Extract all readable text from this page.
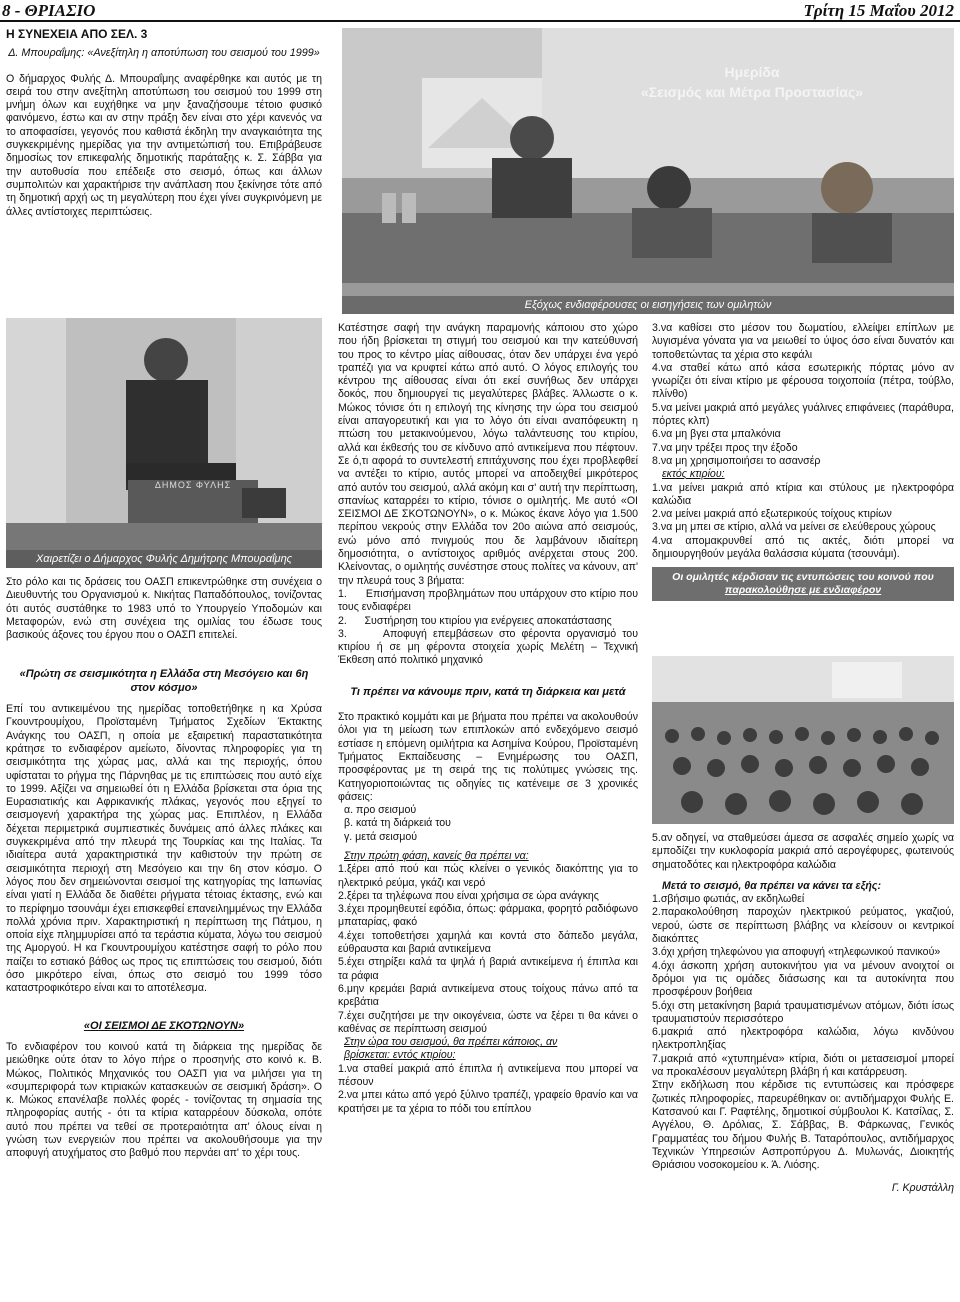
8 - ΘΡΙΑΣΙΟ	Τρίτη 15 Μαΐου 2012
Η ΣΥΝΕΧΕΙΑ ΑΠΟ ΣΕΛ. 3
Δ. Μπουραΐμης: «Ανεξίτηλη η αποτύπωση του σεισμού του 1999»

Ο δήμαρχος Φυλής Δ. Μπουραΐμης αναφέρθηκε και αυτός με τη σειρά του στην ανεξίτηλη αποτύπωση του σεισμού του 1999 στη μνήμη όλων και ευχήθηκε να μην ξαναζήσουμε τέτοιο φυσικό φαινόμενο, έστω και αν στην πράξη δεν είναι στο χέρι κανενός να το αποφασίσει, γεγονός που καθιστά έκδηλη την αναγκαιότητα της συγκεκριμένης ημερίδας για την αντιμετώπισή του. Επιβράβευσε δημοσίως τον επικεφαλής δημοτικής παράταξης κ. Σ. Σάββα για την αυτοθυσία που επέδειξε στο σεισμό, όπως και άλλων συμπολιτών και χαρακτήρισε την ανάπλαση που ξεκίνησε τότε από τη δημοτική αρχή ως τη μεγαλύτερη που έχει γίνει συγκρινόμενη με άλλες αντίστοιχες περιπτώσεις.

Ημερίδα
«Σεισμός και Μέτρα Προστασίας»
Εξόχως ενδιαφέρουσες οι εισηγήσεις των ομιλητών
ΔΗΜΟΣ ΦΥΛΗΣ
Χαιρετίζει ο Δήμαρχος Φυλής Δημήτρης Μπουραΐμης

Στο ρόλο και τις δράσεις του ΟΑΣΠ επικεντρώθηκε στη συνέχεια ο Διευθυντής του Οργανισμού κ. Νικήτας Παπαδόπουλος, τονίζοντας ότι αυτός συστάθηκε το 1983 υπό το Υπουργείο Υποδομών και Μεταφορών, ενώ στη συνέχεια της ομιλίας του έδωσε τους βασικούς άξονες του έργου που ο ΟΑΣΠ επιτελεί.

«Πρώτη σε σεισμικότητα η Ελλάδα στη Μεσόγειο και 6η στον κόσμο»

Επί του αντικειμένου της ημερίδας τοποθετήθηκε η κα Χρύσα Γκουντρουμίχου, Προϊσταμένη Τμήματος Σχεδίων Έκτακτης Ανάγκης του ΟΑΣΠ, η οποία με εξαιρετική παραστατικότητα κράτησε το ενδιαφέρον αμείωτο, δίνοντας πληροφορίες για τη σεισμικότητα της χώρας μας, αλλά και της περιοχής, όπου υφίσταται το ρήγμα της Πάρνηθας με τις επιπτώσεις που αυτό είχε το 1999. Αξίζει να σημειωθεί ότι η Ελλάδα βρίσκεται στα όρια της Ευρασιατικής και Αφρικανικής πλάκας, γεγονός που εξηγεί το σεισμογενή χαρακτήρα της χώρας μας. Επιπλέον, η Ελλάδα δέχεται περιμετρικά συμπιεστικές δυνάμεις από άλλες πλάκες και συγκεκριμένα από την πλευρά της Τουρκίας και της Ιταλίας. Τα ιδιαίτερα αυτά χαρακτηριστικά την καθιστούν την πρώτη σε σεισμικότητα περιοχή στη Μεσόγειο και την 6η στον κόσμο. Ο λόγος που δεν σημειώνονται σεισμοί της κατηγορίας της Ιαπωνίας είναι γιατί η Ελλάδα δε διαθέτει ρήγματα τέτοιας έκτασης, ενώ και το περίφημο τσουνάμι έχει επισκεφθεί επανειλημμένως την Ελλάδα πολλά χρόνια πριν. Χαρακτηριστική η περίπτωση της Πάτμου, η οποία είχε πλημμυρίσει από τα τεράστια κύματα, λόγω του σεισμού της Αμοργού. Η κα Γκουντρουμίχου κατέστησε σαφή το ρόλο που παίζει το εστιακό βάθος ως προς τις επιπτώσεις του σεισμού, διότι όσο μικρότερο είναι, όπως στο σεισμό του 1999 τόσο καταστροφικότερο είναι και το αποτέλεσμα.

«ΟΙ ΣΕΙΣΜΟΙ ΔΕ ΣΚΟΤΩΝΟΥΝ»

Το ενδιαφέρον του κοινού κατά τη διάρκεια της ημερίδας δε μειώθηκε ούτε όταν το λόγο πήρε ο προσηνής στο κοινό κ. Β. Μώκος, Πολιτικός Μηχανικός του ΟΑΣΠ για να μιλήσει για τη «συμπεριφορά των κτιριακών κατασκευών σε σεισμική δράση». Ο κ. Μώκος επανέλαβε πολλές φορές - τονίζοντας τη σημασία της πληροφορίας αυτής - ότι τα κτίρια καταρρέουν δύσκολα, οπότε αυτό που πρέπει να τεθεί σε προτεραιότητα απ' όλους είναι η γνώση των ενεργειών που πρέπει να ακολουθήσουμε για την αποφυγή ατυχήματος στο βαθμό που περνάει απ' το χέρι τους.

Κατέστησε σαφή την ανάγκη παραμονής κάποιου στο χώρο που ήδη βρίσκεται τη στιγμή του σεισμού και την κατεύθυνσή του προς το κέντρο μίας αίθουσας, όταν δεν υπάρχει ένα γερό τραπέζι για να κρυφτεί κάτω από αυτό. Ο λόγος επιλογής του κέντρου της αίθουσας είναι ότι εκεί συνήθως δεν υπάρχει δοκός, που δημιουργεί τις μεγαλύτερες βλάβες. Άλλωστε ο κ. Μώκος τόνισε ότι η επιλογή της κίνησης την ώρα του σεισμού είναι απαγορευτική και για το λόγο ότι είναι αναπόφευκτη η πτώση του μετακινούμενου, λόγω ταλάντευσης του κτιρίου, αλλά και έκθεσής του σε κίνδυνο από αντικείμενα που πέφτουν. Σε ό,τι αφορά το συντελεστή επιτάχυνσης που έχει προβλεφθεί να αντέξει το κτίριο, αυτός μπορεί να αποδειχθεί μικρότερος από αυτόν του σεισμού, αλλά ακόμη και σ' αυτή την περίπτωση, σπανίως καταρρέει το κτίριο, τόνισε ο ομιλητής. Με αυτό «ΟΙ ΣΕΙΣΜΟΙ ΔΕ ΣΚΟΤΩΝΟΥΝ», ο κ. Μώκος έκανε λόγο για 1.500 περίπου νεκρούς στην Ελλάδα τον 20ο αιώνα από σεισμούς, ενώ μόνο από πνιγμούς που δε λαμβάνουν ιδιαίτερη δημοσιότητα, ο αντίστοιχος αριθμός ανέρχεται στους 200. Κλείνοντας, ο ομιλητής συνέστησε στους πολίτες να κάνουν, απ' την πλευρά τους 3 βήματα:

1.      Επισήμανση προβλημάτων που υπάρχουν στο κτίριο που τους ενδιαφέρει

2.      Συστήρηση του κτιρίου για ενέργειες αποκατάστασης

3.      Αποφυγή επεμβάσεων στο φέροντα οργανισμό του κτιρίου ή σε μη φέροντα στοιχεία χωρίς Μελέτη – Τεχνική Έκθεση από πολιτικό μηχανικό

Τι πρέπει να κάνουμε πριν, κατά τη διάρκεια και μετά

Στο πρακτικό κομμάτι και με βήματα που πρέπει να ακολουθούν όλοι για τη μείωση των επιπλοκών από ενδεχόμενο σεισμό εστίασε η επόμενη ομιλήτρια κα Ασημίνα Κούρου, Προϊσταμένη Τμήματος Εκπαίδευσης – Ενημέρωσης του ΟΑΣΠ, προσφέροντας με τη σειρά της τις πολύτιμες γνώσεις της. Κατηγοριοποιώντας τις οδηγίες τις κατένειμε σε 3 χρονικές φάσεις:

α. προ σεισμού

β. κατά τη διάρκειά του

γ. μετά σεισμού

Στην πρώτη φάση, κανείς θα πρέπει να:

1.ξέρει από πού και πώς κλείνει ο γενικός διακόπτης για το ηλεκτρικό ρεύμα, γκάζι και νερό

2.ξέρει τα τηλέφωνα που είναι χρήσιμα σε ώρα ανάγκης

3.έχει προμηθευτεί εφόδια, όπως: φάρμακα, φορητό ραδιόφωνο μπαταρίας, φακό

4.έχει τοποθετήσει χαμηλά και κοντά στο δάπεδο μεγάλα, εύθραυστα και βαριά αντικείμενα

5.έχει στηρίξει καλά τα ψηλά ή βαριά αντικείμενα ή έπιπλα και τα ράφια

6.μην κρεμάει βαριά αντικείμενα στους τοίχους πάνω από τα κρεβάτια

7.έχει συζητήσει με την οικογένεια, ώστε να ξέρει τι θα κάνει ο καθένας σε περίπτωση σεισμού

Στην ώρα του σεισμού, θα πρέπει κάποιος, αν

βρίσκεται: εντός κτιρίου:

1.να σταθεί μακριά από έπιπλα ή αντικείμενα που μπορεί να πέσουν

2.να μπει κάτω από γερό ξύλινο τραπέζι, γραφείο θρανίο και να κρατήσει με τα χέρια το πόδι του επίπλου

3.να καθίσει στο μέσον του δωματίου, ελλείψει επίπλων με λυγισμένα γόνατα για να μειωθεί το ύψος όσο είναι δυνατόν και τοποθετώντας τα χέρια στο κεφάλι

4.να σταθεί κάτω από κάσα εσωτερικής πόρτας μόνο αν γνωρίζει ότι είναι κτίριο με φέρουσα τοιχοποιία (πέτρα, τούβλο, πλίνθο)

5.να μείνει μακριά από μεγάλες γυάλινες επιφάνειες (παράθυρα, πόρτες κλπ)

6.να μη βγει στα μπαλκόνια

7.να μην τρέξει προς την έξοδο

8.να μη χρησιμοποιήσει το ασανσέρ

εκτός κτιρίου:

1.να μείνει μακριά από κτίρια και στύλους με ηλεκτροφόρα καλώδια

2.να μείνει μακριά από εξωτερικούς τοίχους κτιρίων

3.να μη μπει σε κτίριο, αλλά να μείνει σε ελεύθερους χώρους

4.να απομακρυνθεί από τις ακτές, διότι μπορεί να δημιουργηθούν μεγάλα θαλάσσια κύματα (τσουνάμι).

Οι ομιλητές κέρδισαν τις εντυπώσεις του κοινού που
παρακολούθησε με ενδιαφέρον

5.αν οδηγεί, να σταθμεύσει άμεσα σε ασφαλές σημείο χωρίς να εμποδίζει την κυκλοφορία μακριά από αερογέφυρες, φωτεινούς σηματοδότες και ηλεκτροφόρα καλώδια

Μετά το σεισμό, θα πρέπει να κάνει τα εξής:

1.σβήσιμο φωτιάς, αν εκδηλωθεί

2.παρακολούθηση παροχών ηλεκτρικού ρεύματος, γκαζιού, νερού, ώστε σε περίπτωση βλάβης να κλείσουν οι κεντρικοί διακόπτες

3.όχι χρήση τηλεφώνου για αποφυγή «τηλεφωνικού πανικού»

4.όχι άσκοπη χρήση αυτοκινήτου για να μένουν ανοιχτοί οι δρόμοι για τις ομάδες διάσωσης και τα αυτοκίνητα που προσφέρουν βοήθεια

5.όχι στη μετακίνηση βαριά τραυματισμένων ατόμων, διότι ίσως τραυματιστούν περισσότερο

6.μακριά από ηλεκτροφόρα καλώδια, λόγω κινδύνου ηλεκτροπληξίας

7.μακριά από «χτυπημένα» κτίρια, διότι οι μετασεισμοί μπορεί να προκαλέσουν μεγαλύτερη βλάβη ή και κατάρρευση.

Στην εκδήλωση που κέρδισε τις εντυπώσεις και πρόσφερε ζωτικές πληροφορίες, παρευρέθηκαν οι: αντιδήμαρχοι Φυλής Ε. Κατσανού και Γ. Ραφτέλης, δημοτικοί σύμβουλοι Κ. Κατσίλας, Σ. Αγγέλου, Θ. Δρόλιας, Σ. Σάββας, Β. Φάρκωνας, Γενικός Γραμματέας του δήμου Φυλής Β. Ταταρόπουλος, αντιδήμαρχος Τεχνικών Υπηρεσιών Ασπροπύργου Δ. Μυλωνάς, Διοικητής Θριάσιου νοσοκομείου κ. Ά. Λιόσης.

Γ. Κρυστάλλη
